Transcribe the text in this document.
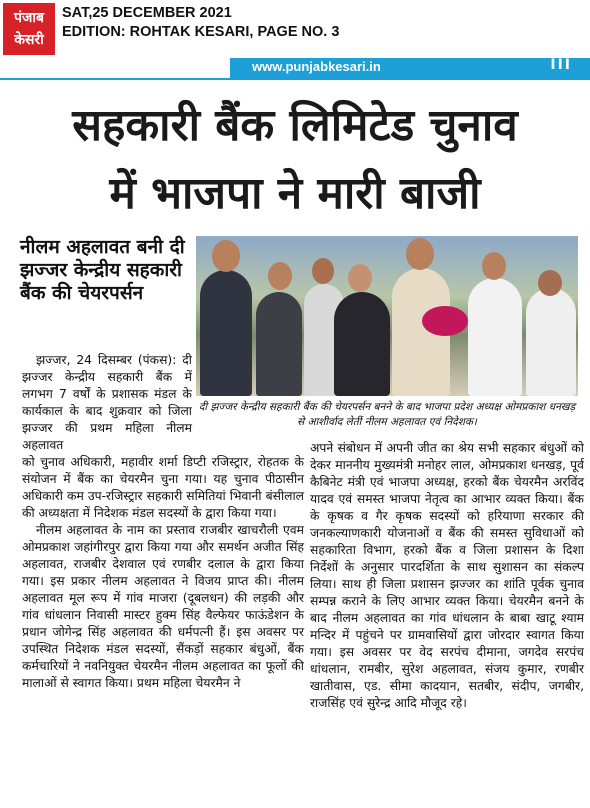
पंजाब
केसरी
SAT,25 DECEMBER 2021
EDITION: ROHTAK KESARI, PAGE NO. 3
www.punjabkesari.in	III
सहकारी बैंक लिमिटेड चुनाव
में भाजपा ने मारी बाजी
नीलम अहलावत बनी दी झज्जर केन्द्रीय सहकारी बैंक की चेयरपर्सन
दी झज्जर केन्द्रीय सहकारी बैंक की चेयरपर्सन बनने के बाद भाजपा प्रदेश अध्यक्ष ओमप्रकाश धनखड़ से आशीर्वाद लेतीं नीलम अहलावत एवं निदेशक।

झज्जर, 24 दिसम्बर (पंकस): दी झज्जर केन्द्रीय सहकारी बैंक में लगभग 7 वर्षों के प्रशासक मंडल के कार्यकाल के बाद शुक्रवार को जिला झज्जर की प्रथम महिला नीलम अहलावत

को चुनाव अधिकारी, महावीर शर्मा डिप्टी रजिस्ट्रार, रोहतक के संयोजन में बैंक का चेयरमैन चुना गया। यह चुनाव पीठासीन अधिकारी कम उप-रजिस्ट्रार सहकारी समितियां भिवानी बंसीलाल की अध्यक्षता में निदेशक मंडल सदस्यों के द्वारा किया गया।

नीलम अहलावत के नाम का प्रस्ताव राजबीर खाचरौली एवम ओमप्रकाश जहांगीरपुर द्वारा किया गया और समर्थन अजीत सिंह अहलावत, राजबीर देशवाल एवं रणबीर दलाल के द्वारा किया गया। इस प्रकार नीलम अहलावत ने विजय प्राप्त की। नीलम अहलावत मूल रूप में गांव माजरा (दूबलधन) की लड़की और गांव धांधलान निवासी मास्टर हुक्म सिंह वैल्फेयर फाऊंडेशन के प्रधान जोगेन्द्र सिंह अहलावत की धर्मपत्नी हैं। इस अवसर पर उपस्थित निदेशक मंडल सदस्यों, सैंकड़ों सहकार बंधुओं, बैंक कर्मचारियों ने नवनियुक्त चेयरमैन नीलम अहलावत का फूलों की मालाओं से स्वागत किया। प्रथम महिला चेयरमैन ने

अपने संबोधन में अपनी जीत का श्रेय सभी सहकार बंधुओं को देकर माननीय मुख्यमंत्री मनोहर लाल, ओमप्रकाश धनखड़, पूर्व कैबिनेट मंत्री एवं भाजपा अध्यक्ष, हरको बैंक चेयरमैन अरविंद यादव एवं समस्त भाजपा नेतृत्व का आभार व्यक्त किया। बैंक के कृषक व गैर कृषक सदस्यों को हरियाणा सरकार की जनकल्याणकारी योजनाओं व बैंक की समस्त सुविधाओं को सहकारिता विभाग, हरको बैंक व जिला प्रशासन के दिशा निर्देशों के अनुसार पारदर्शिता के साथ सुशासन का संकल्प लिया। साथ ही जिला प्रशासन झज्जर का शांति पूर्वक चुनाव सम्पन्न कराने के लिए आभार व्यक्त किया। चेयरमैन बनने के बाद नीलम अहलावत का गांव धांधलान के बाबा खाटू श्याम मन्दिर में पहुंचने पर ग्रामवासियों द्वारा जोरदार स्वागत किया गया। इस अवसर पर वेद सरपंच दीमाना, जगदेव सरपंच धांधलान, रामबीर, सुरेश अहलावत, संजय कुमार, रणबीर खातीवास, एड. सीमा कादयान, सतबीर, संदीप, जगबीर, राजसिंह एवं सुरेन्द्र आदि मौजूद रहे।
